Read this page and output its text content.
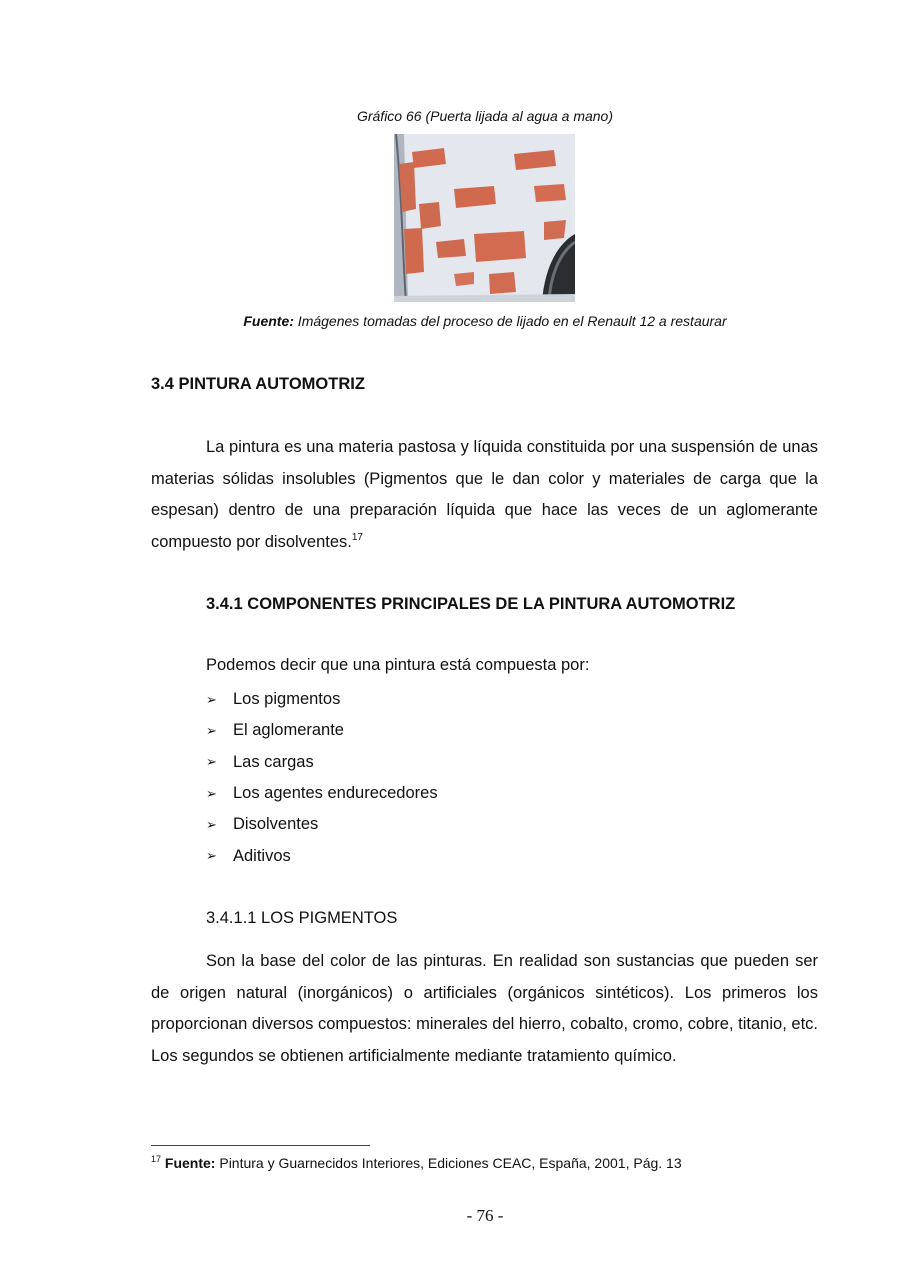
Gráfico 66 (Puerta lijada al agua a mano)
Fuente: Imágenes tomadas del proceso de lijado en el Renault 12 a restaurar
3.4 PINTURA AUTOMOTRIZ

La pintura es una materia pastosa y líquida constituida por una suspensión de unas materias sólidas insolubles (Pigmentos que le dan color y materiales de carga que la espesan) dentro de una preparación líquida que hace las veces de un aglomerante compuesto por disolventes.$^{17}$

3.4.1 COMPONENTES PRINCIPALES DE LA PINTURA AUTOMOTRIZ
Podemos decir que una pintura está compuesta por:
➢ Los pigmentos
➢ El aglomerante
➢ Las cargas
➢ Los agentes endurecedores
➢ Disolventes
➢ Aditivos
3.4.1.1 LOS PIGMENTOS

Son la base del color de las pinturas. En realidad son sustancias que pueden ser de origen natural (inorgánicos) o artificiales (orgánicos sintéticos). Los primeros los proporcionan diversos compuestos: minerales del hierro, cobalto, cromo, cobre, titanio, etc. Los segundos se obtienen artificialmente mediante tratamiento químico.

$^{17}$ Fuente: Pintura y Guarnecidos Interiores, Ediciones CEAC, España, 2001, Pág. 13
- 76 -
